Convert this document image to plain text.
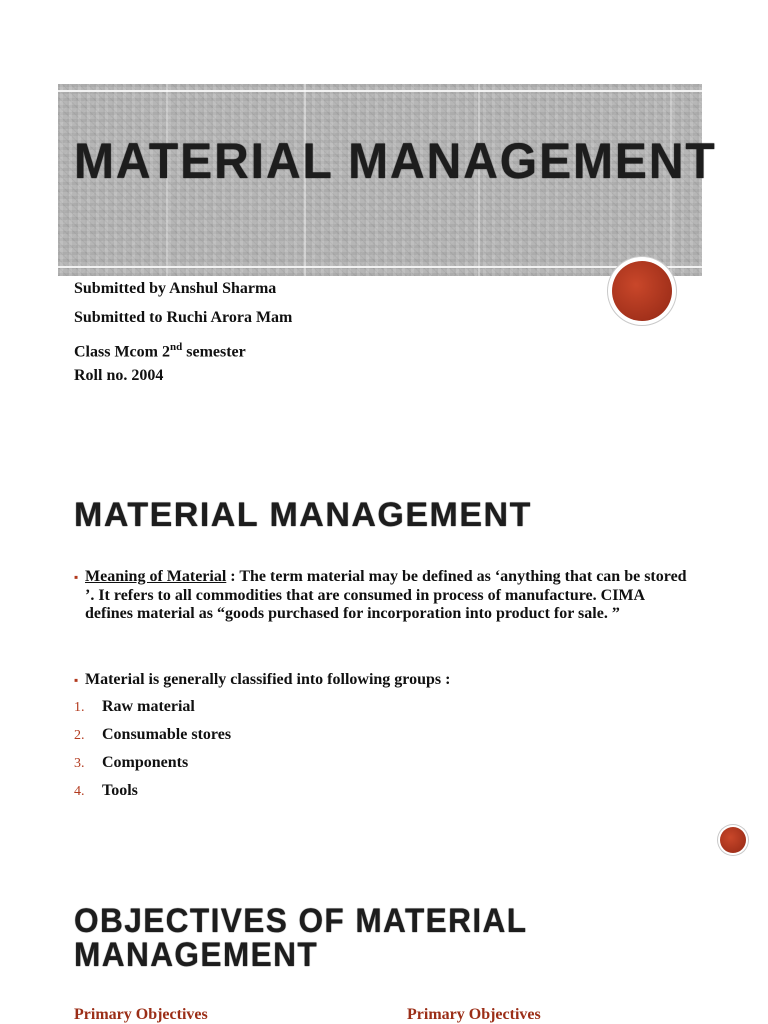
MATERIAL MANAGEMENT
Submitted by Anshul Sharma
Submitted to Ruchi Arora Mam
Class Mcom 2nd semester
Roll no. 2004
MATERIAL MANAGEMENT
▪ Meaning of Material : The term material may be defined as ‘anything that can be stored ’. It refers to all commodities that are consumed in process of manufacture. CIMA defines material as “goods purchased for incorporation into product for sale. ”
▪ Material is generally classified into following groups :
1. Raw material
2. Consumable stores
3. Components
4. Tools
OBJECTIVES OF MATERIAL MANAGEMENT
Primary Objectives	Primary Objectives
